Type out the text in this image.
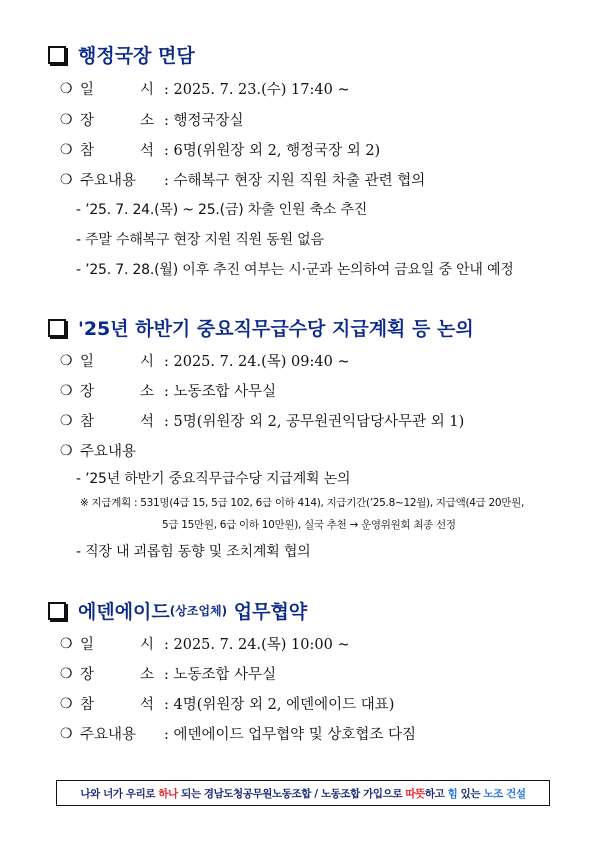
행정국장 면담
❍ 일	시 : 2025. 7. 23.(수) 17:40 ~
❍ 장	소 : 행정국장실
❍ 참	석 : 6명(위원장 외 2, 행정국장 외 2)
❍ 주요내용	: 수해복구 현장 지원 직원 차출 관련 협의
- ’25. 7. 24.(목) ~ 25.(금) 차출 인원 축소 추진
- 주말 수해복구 현장 지원 직원 동원 없음
- ’25. 7. 28.(월) 이후 추진 여부는 시·군과 논의하여 금요일 중 안내 예정
'25년 하반기 중요직무급수당 지급계획 등 논의
❍ 일	시 : 2025. 7. 24.(목) 09:40 ~
❍ 장	소 : 노동조합 사무실
❍ 참	석 : 5명(위원장 외 2, 공무원권익담당사무관 외 1)
❍ 주요내용
- ’25년 하반기 중요직무급수당 지급계획 논의
※ 지급계획 : 531명(4급 15, 5급 102, 6급 이하 414), 지급기간(’25.8~12월), 지급액(4급 20만원,
5급 15만원, 6급 이하 10만원), 실국 추천 → 운영위원회 최종 선정
- 직장 내 괴롭힘 동향 및 조치계획 협의
에덴에이드 (상조업체) 업무협약
❍ 일	시 : 2025. 7. 24.(목) 10:00 ~
❍ 장	소 : 노동조합 사무실
❍ 참	석 : 4명(위원장 외 2, 에덴에이드 대표)
❍ 주요내용	: 에덴에이드 업무협약 및 상호협조 다짐
나와 너가 우리로 하나 되는 경남도청공무원노동조합 / 노동조합 가입으로 따뜻 하고 힘 있는 노조 건설
